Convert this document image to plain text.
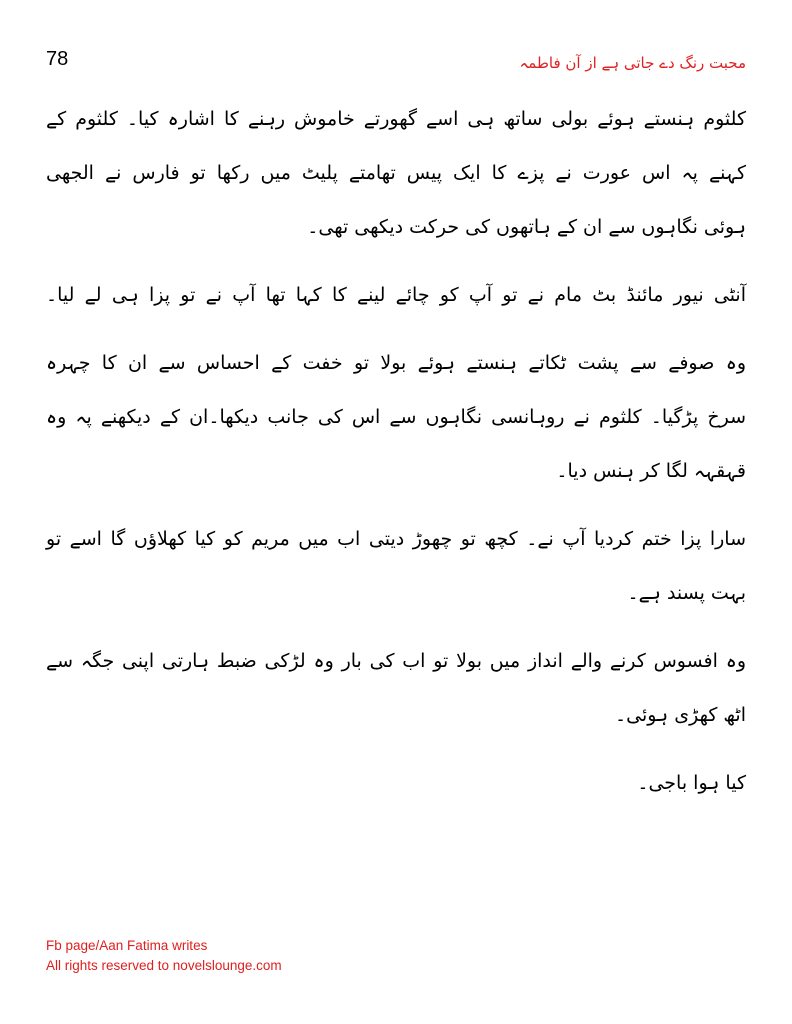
78	محبت رنگ دے جاتی ہے از آن فاطمہ
کلثوم ہنستے ہوئے بولی ساتھ ہی اسے گھورتے خاموش رہنے کا اشارہ کیا۔ کلثوم کے
کہنے پہ اس عورت نے پزے کا ایک پیس تھامتے پلیٹ میں رکھا تو فارس نے الجھی
ہوئی نگاہوں سے ان کے ہاتھوں کی حرکت دیکھی تھی۔
آنٹی نیور مائنڈ بٹ مام نے تو آپ کو چائے لینے کا کہا تھا آپ نے تو پزا ہی لے لیا۔
وہ صوفے سے پشت ٹکاتے ہنستے ہوئے بولا تو خفت کے احساس سے ان کا چہرہ
سرخ پڑگیا۔ کلثوم نے روہانسی نگاہوں سے اس کی جانب دیکھا۔ان کے دیکھنے پہ وہ
قہقہہ لگا کر ہنس دیا۔
سارا پزا ختم کردیا آپ نے۔ کچھ تو چھوڑ دیتی اب میں مریم کو کیا کھلاؤں گا اسے تو
بہت پسند ہے۔
وہ افسوس کرنے والے انداز میں بولا تو اب کی بار وہ لڑکی ضبط ہارتی اپنی جگہ سے
اٹھ کھڑی ہوئی۔
کیا ہوا باجی۔
Fb page/Aan Fatima writes
All rights reserved to novelslounge.com
